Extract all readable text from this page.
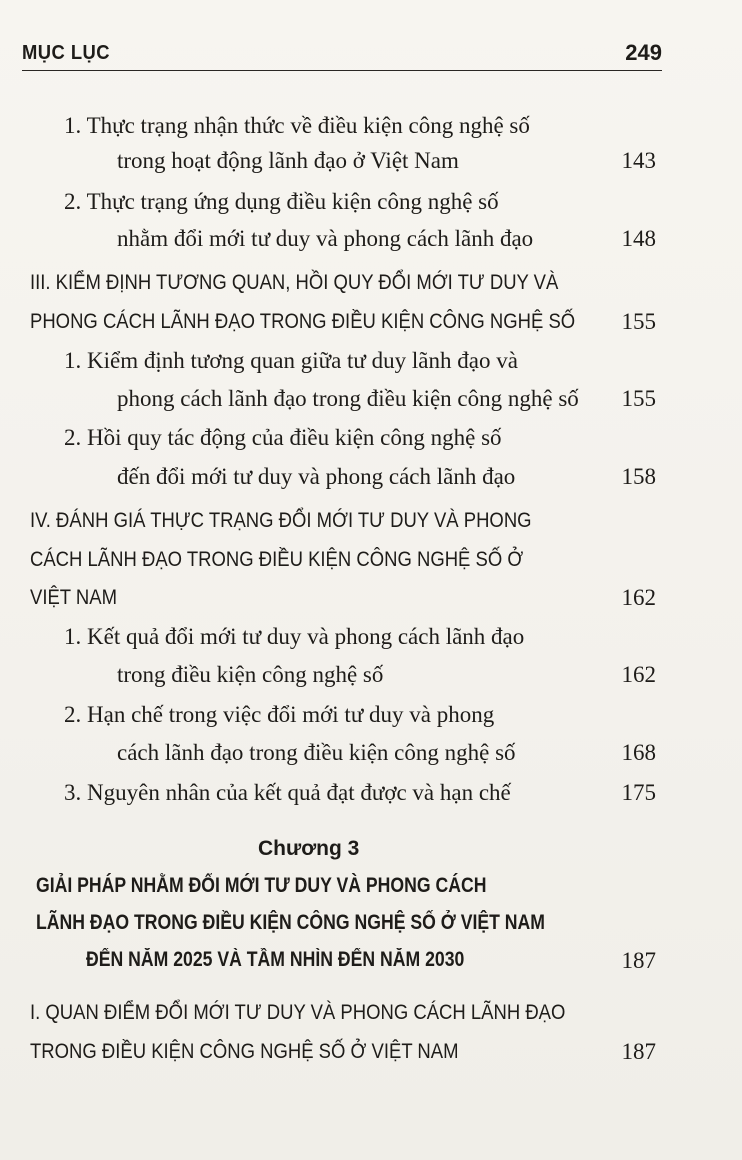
MỤC LỤC	249
1. Thực trạng nhận thức về điều kiện công nghệ số
trong hoạt động lãnh đạo ở Việt Nam	143
2. Thực trạng ứng dụng điều kiện công nghệ số
nhằm đổi mới tư duy và phong cách lãnh đạo	148
III. KIỂM ĐỊNH TƯƠNG QUAN, HỒI QUY ĐỔI MỚI TƯ DUY VÀ
PHONG CÁCH LÃNH ĐẠO TRONG ĐIỀU KIỆN CÔNG NGHỆ SỐ 155
1. Kiểm định tương quan giữa tư duy lãnh đạo và
phong cách lãnh đạo trong điều kiện công nghệ số 155
2. Hồi quy tác động của điều kiện công nghệ số
đến đổi mới tư duy và phong cách lãnh đạo	158
IV. ĐÁNH GIÁ THỰC TRẠNG ĐỔI MỚI TƯ DUY VÀ PHONG
CÁCH LÃNH ĐẠO TRONG ĐIỀU KIỆN CÔNG NGHỆ SỐ Ở
VIỆT NAM	162
1. Kết quả đổi mới tư duy và phong cách lãnh đạo
trong điều kiện công nghệ số	162
2. Hạn chế trong việc đổi mới tư duy và phong
cách lãnh đạo trong điều kiện công nghệ số	168
3. Nguyên nhân của kết quả đạt được và hạn chế	175
Chương 3
GIẢI PHÁP NHẰM ĐỔI MỚI TƯ DUY VÀ PHONG CÁCH
LÃNH ĐẠO TRONG ĐIỀU KIỆN CÔNG NGHỆ SỐ Ở VIỆT NAM
ĐẾN NĂM 2025 VÀ TẦM NHÌN ĐẾN NĂM 2030	187
I. QUAN ĐIỂM ĐỔI MỚI TƯ DUY VÀ PHONG CÁCH LÃNH ĐẠO
TRONG ĐIỀU KIỆN CÔNG NGHỆ SỐ Ở VIỆT NAM	187
